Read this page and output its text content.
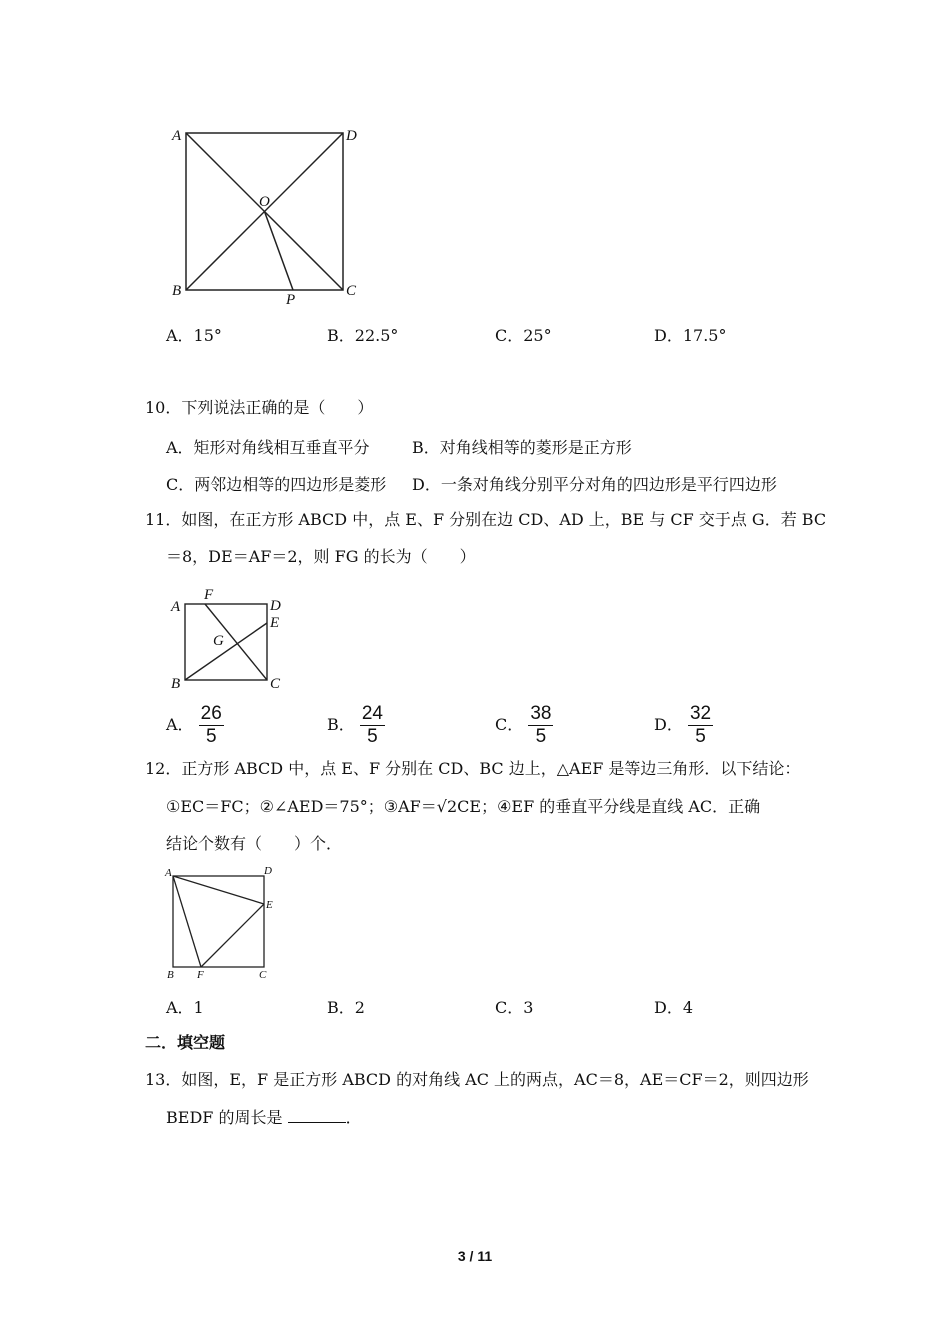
A	D
O
B	C
P
A．15°	B．22.5°	C．25°	D．17.5°
10．下列说法正确的是（　　）
A．矩形对角线相互垂直平分	B．对角线相等的菱形是正方形
C．两邻边相等的四边形是菱形 D．一条对角线分别平分对角的四边形是平行四边形
11．如图，在正方形 ABCD 中，点 E、F 分别在边 CD、AD 上，BE 与 CF 交于点 G．若 BC
＝8，DE＝AF＝2，则 FG 的长为（　　）
A
F
D
E
G
B	C
A． $\frac{26}{5}$	B． $\frac{24}{5}$	C． $\frac{38}{5}$	D． $\frac{32}{5}$
12．正方形 ABCD 中，点 E、F 分别在 CD、BC 边上，△AEF 是等边三角形．以下结论：
①EC＝FC；②∠AED＝75°；③AF＝√2CE；④EF 的垂直平分线是直线 AC．正确
结论个数有（　　）个．
A	D
E
B F	C
A．1	B．2	C．3	D．4
二．填空题
13．如图，E，F 是正方形 ABCD 的对角线 AC 上的两点，AC＝8，AE＝CF＝2，则四边形
BEDF 的周长是	．
3 / 11
